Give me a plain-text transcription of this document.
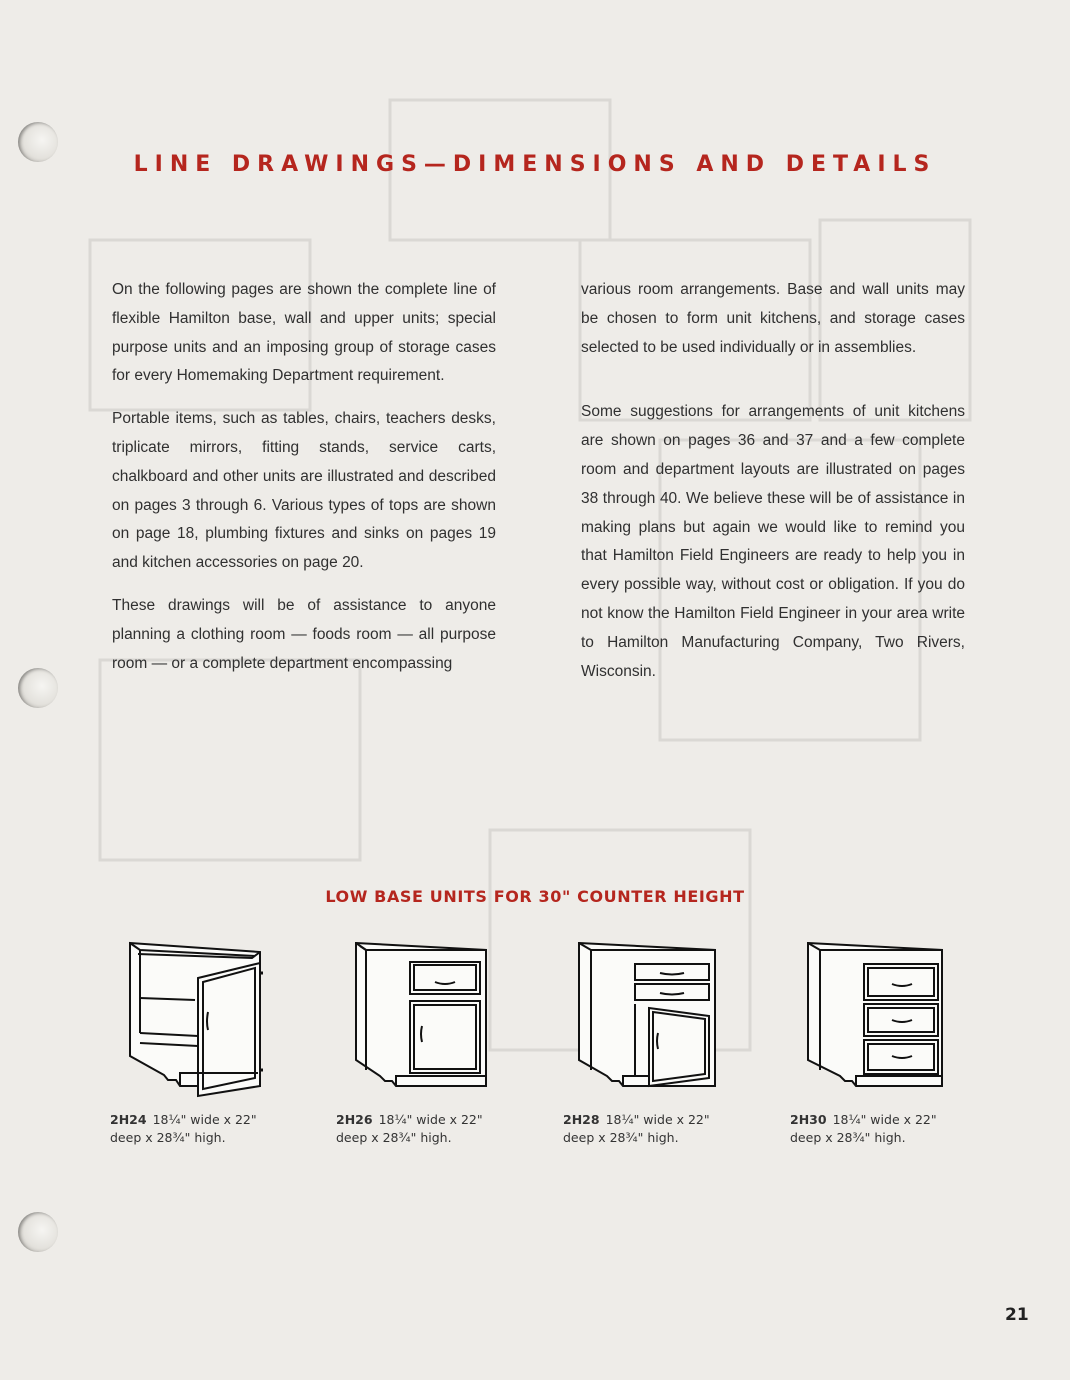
LINE DRAWINGS—DIMENSIONS AND DETAILS

On the following pages are shown the complete line of flexible Hamilton base, wall and upper units; special purpose units and an imposing group of storage cases for every Homemaking Department requirement.

Portable items, such as tables, chairs, teachers desks, triplicate mirrors, fitting stands, service carts, chalkboard and other units are illustrated and described on pages 3 through 6. Various types of tops are shown on page 18, plumbing fixtures and sinks on pages 19 and kitchen accessories on page 20.

These drawings will be of assistance to anyone planning a clothing room — foods room — all purpose room — or a complete department encompassing

various room arrangements. Base and wall units may be chosen to form unit kitchens, and storage cases selected to be used individually or in assemblies.

Some suggestions for arrangements of unit kitchens are shown on pages 36 and 37 and a few complete room and department layouts are illustrated on pages 38 through 40. We believe these will be of assistance in making plans but again we would like to remind you that Hamilton Field Engineers are ready to help you in every possible way, without cost or obligation. If you do not know the Hamilton Field Engineer in your area write to Hamilton Manufacturing Company, Two Rivers, Wisconsin.

LOW BASE UNITS FOR 30" COUNTER HEIGHT
2H24 18¼" wide x 22"
deep x 28¾" high.
2H26 18¼" wide x 22"
deep x 28¾" high.
2H28 18¼" wide x 22"
deep x 28¾" high.
2H30 18¼" wide x 22"
deep x 28¾" high.
21
